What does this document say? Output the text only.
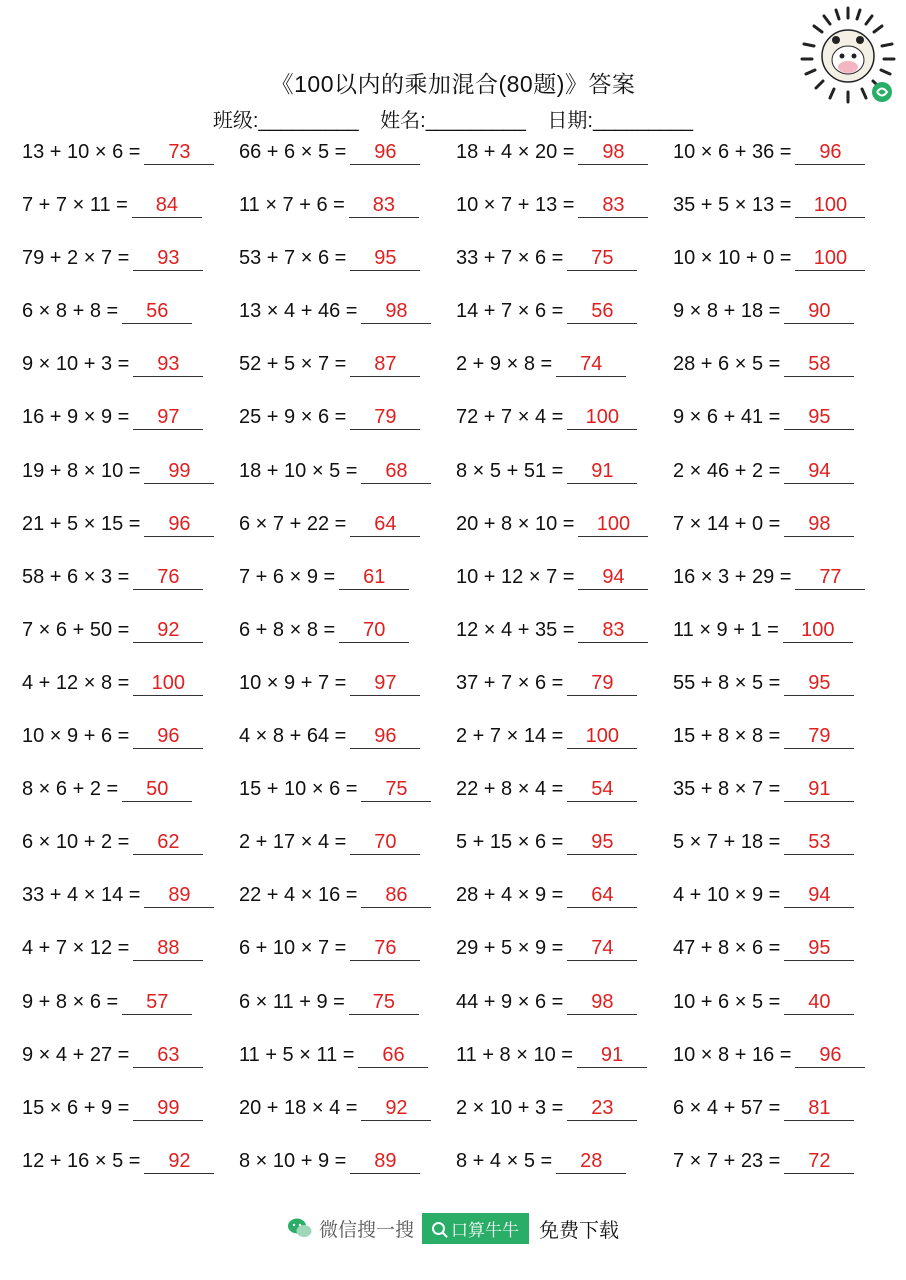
《100以内的乘加混合(80题)》答案
班级:_________ 姓名:_________ 日期:_________
13 + 10 × 6 = 73	66 + 6 × 5 = 96	18 + 4 × 20 = 98	10 × 6 + 36 = 96
7 + 7 × 11 = 84	11 × 7 + 6 = 83	10 × 7 + 13 = 83	35 + 5 × 13 = 100
79 + 2 × 7 = 93	53 + 7 × 6 = 95	33 + 7 × 6 = 75	10 × 10 + 0 = 100
6 × 8 + 8 = 56	13 × 4 + 46 = 98	14 + 7 × 6 = 56	9 × 8 + 18 = 90
9 × 10 + 3 = 93	52 + 5 × 7 = 87	2 + 9 × 8 = 74	28 + 6 × 5 = 58
16 + 9 × 9 = 97	25 + 9 × 6 = 79	72 + 7 × 4 = 100	9 × 6 + 41 = 95
19 + 8 × 10 = 99	18 + 10 × 5 = 68	8 × 5 + 51 = 91	2 × 46 + 2 = 94
21 + 5 × 15 = 96	6 × 7 + 22 = 64	20 + 8 × 10 = 100	7 × 14 + 0 = 98
58 + 6 × 3 = 76	7 + 6 × 9 = 61	10 + 12 × 7 = 94	16 × 3 + 29 = 77
7 × 6 + 50 = 92	6 + 8 × 8 = 70	12 × 4 + 35 = 83	11 × 9 + 1 = 100
4 + 12 × 8 = 100	10 × 9 + 7 = 97	37 + 7 × 6 = 79	55 + 8 × 5 = 95
10 × 9 + 6 = 96	4 × 8 + 64 = 96	2 + 7 × 14 = 100	15 + 8 × 8 = 79
8 × 6 + 2 = 50	15 + 10 × 6 = 75	22 + 8 × 4 = 54	35 + 8 × 7 = 91
6 × 10 + 2 = 62	2 + 17 × 4 = 70	5 + 15 × 6 = 95	5 × 7 + 18 = 53
33 + 4 × 14 = 89	22 + 4 × 16 = 86	28 + 4 × 9 = 64	4 + 10 × 9 = 94
4 + 7 × 12 = 88	6 + 10 × 7 = 76	29 + 5 × 9 = 74	47 + 8 × 6 = 95
9 + 8 × 6 = 57	6 × 11 + 9 = 75	44 + 9 × 6 = 98	10 + 6 × 5 = 40
9 × 4 + 27 = 63	11 + 5 × 11 = 66	11 + 8 × 10 = 91	10 × 8 + 16 = 96
15 × 6 + 9 = 99	20 + 18 × 4 = 92	2 × 10 + 3 = 23	6 × 4 + 57 = 81
12 + 16 × 5 = 92	8 × 10 + 9 = 89	8 + 4 × 5 = 28	7 × 7 + 23 = 72
微信搜一搜 口算牛牛 免费下载
